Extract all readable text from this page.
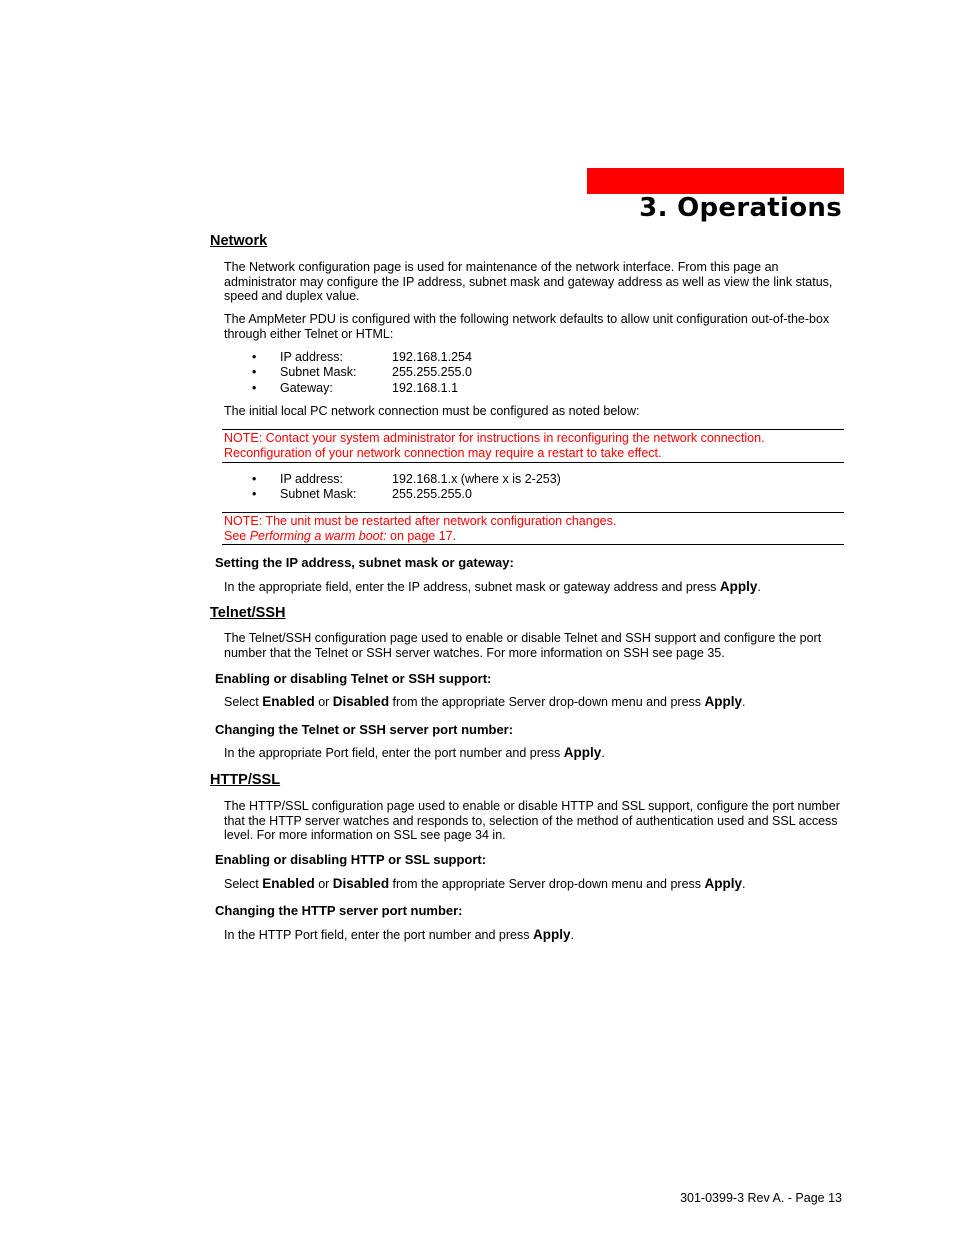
3. Operations
Network
The Network configuration page is used for maintenance of the network interface. From this page an administrator may configure the IP address, subnet mask and gateway address as well as view the link status, speed and duplex value.
The AmpMeter PDU is configured with the following network defaults to allow unit configuration out-of-the-box through either Telnet or HTML:
• IP address:	192.168.1.254
• Subnet Mask:	255.255.255.0
• Gateway:	192.168.1.1
The initial local PC network connection must be configured as noted below:
NOTE: Contact your system administrator for instructions in reconfiguring the network connection.
Reconfiguration of your network connection may require a restart to take effect.
• IP address:	192.168.1.x (where x is 2-253)
• Subnet Mask:	255.255.255.0
NOTE: The unit must be restarted after network configuration changes.
See Performing a warm boot: on page 17.
Setting the IP address, subnet mask or gateway:
In the appropriate field, enter the IP address, subnet mask or gateway address and press Apply.
Telnet/SSH
The Telnet/SSH configuration page used to enable or disable Telnet and SSH support and configure the port number that the Telnet or SSH server watches. For more information on SSH see page 35.
Enabling or disabling Telnet or SSH support:
Select Enabled or Disabled from the appropriate Server drop-down menu and press Apply.
Changing the Telnet or SSH server port number:
In the appropriate Port field, enter the port number and press Apply.
HTTP/SSL
The HTTP/SSL configuration page used to enable or disable HTTP and SSL support, configure the port number that the HTTP server watches and responds to, selection of the method of authentication used and SSL access level. For more information on SSL see page 34 in.
Enabling or disabling HTTP or SSL support:
Select Enabled or Disabled from the appropriate Server drop-down menu and press Apply.
Changing the HTTP server port number:
In the HTTP Port field, enter the port number and press Apply.
301-0399-3 Rev A. - Page 13
